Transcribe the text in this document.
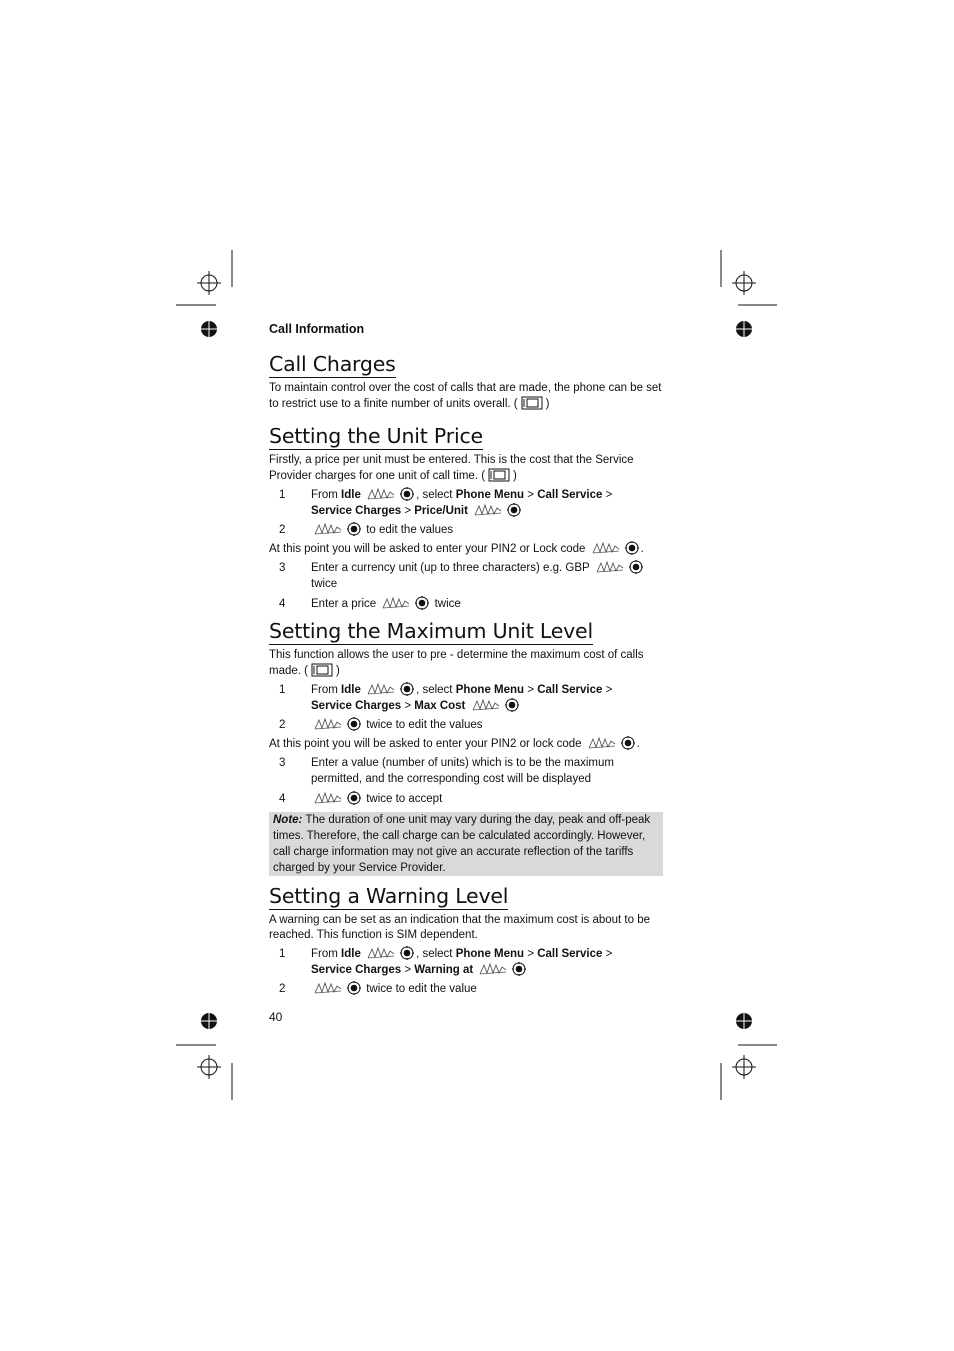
Call Information
Call Charges
To maintain control over the cost of calls that are made, the phone can be set to restrict use to a finite number of units overall. ( )
Setting the Unit Price
Firstly, a price per unit must be entered. This is the cost that the Service Provider charges for one unit of call time. ( )
1 From Idle	, select Phone Menu > Call Service >
Service Charges > Price/Unit
2	to edit the values
At this point you will be asked to enter your PIN2 or Lock code	.
3 Enter a currency unit (up to three characters) e.g. GBP
twice
4 Enter a price	twice
Setting the Maximum Unit Level
This function allows the user to pre - determine the maximum cost of calls made. ( )
1 From Idle	, select Phone Menu > Call Service >
Service Charges > Max Cost
2	twice to edit the values
At this point you will be asked to enter your PIN2 or lock code	.
3 Enter a value (number of units) which is to be the maximum permitted, and the corresponding cost will be displayed
4	twice to accept
Note: The duration of one unit may vary during the day, peak and off-peak times. Therefore, the call charge can be calculated accordingly. However, call charge information may not give an accurate reflection of the tariffs charged by your Service Provider.
Setting a Warning Level
A warning can be set as an indication that the maximum cost is about to be reached. This function is SIM dependent.
1 From Idle	, select Phone Menu > Call Service >
Service Charges > Warning at
2	twice to edit the value
40
